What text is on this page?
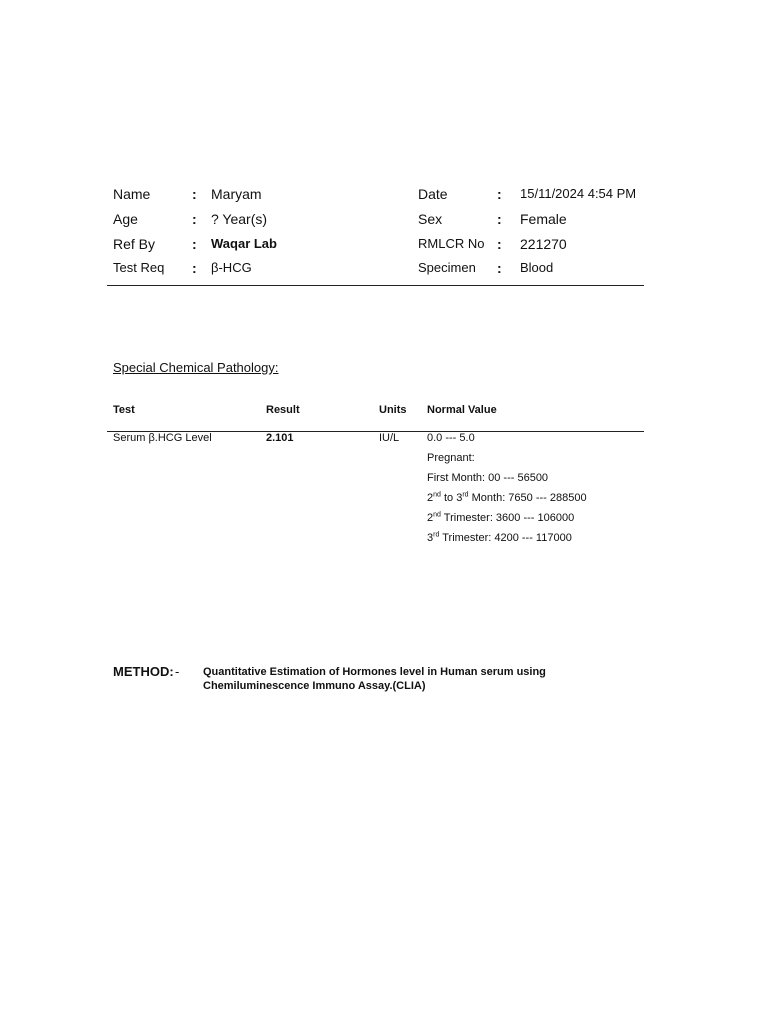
Name	: Maryam
Age	: ? Year(s)
Ref By	: Waqar Lab
Test Req : β-HCG
Date	: 15/11/2024 4:54 PM
Sex	: Female
RMLCR No : 221270
Specimen : Blood
Special Chemical Pathology:
Test	Result	Units Normal Value
Serum β.HCG Level	2.101	IU/L	0.0 --- 5.0
Pregnant:
First Month: 00 --- 56500
2nd to 3rd Month: 7650 --- 288500
2nd Trimester: 3600 --- 106000
3rd Trimester: 4200 --- 117000
METHOD: - Quantitative Estimation of Hormones level in Human serum using Chemiluminescence Immuno Assay.(CLIA)
